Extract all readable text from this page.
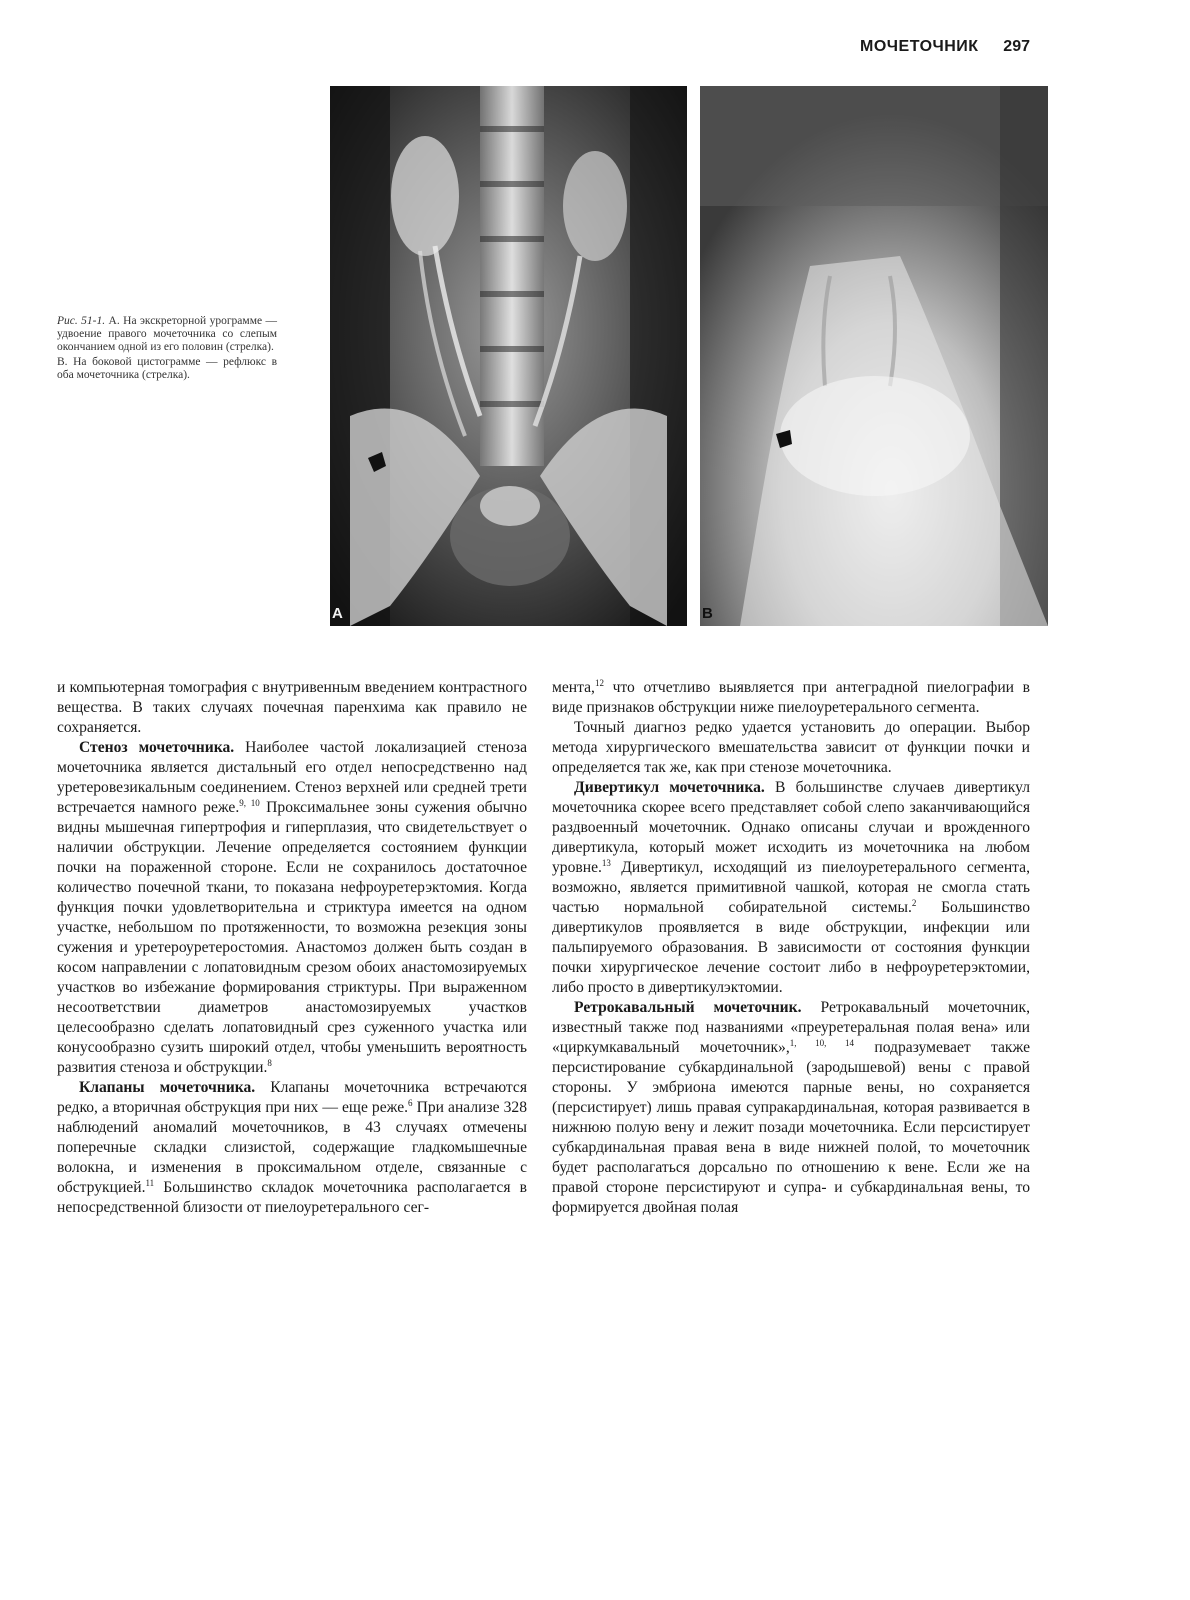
МОЧЕТОЧНИК 297
А	В

Рис. 51-1. А. На экскреторной урограмме — удвоение правого мочеточника со слепым окончанием одной из его половин (стрелка).

В. На боковой цистограмме — рефлюкс в оба мочеточника (стрелка).

и компьютерная томография с внутривенным введением контрастного вещества. В таких случаях почечная паренхима как правило не сохраняется.

Стеноз мочеточника. Наиболее частой локализацией стеноза мочеточника является дистальный его отдел непосредственно над уретеровезикальным соединением. Стеноз верхней или средней трети встречается намного реже.$^{9, 10}$ Проксимальнее зоны сужения обычно видны мышечная гипертрофия и гиперплазия, что свидетельствует о наличии обструкции. Лечение определяется состоянием функции почки на пораженной стороне. Если не сохранилось достаточное количество почечной ткани, то показана нефроуретерэктомия. Когда функция почки удовлетворительна и стриктура имеется на одном участке, небольшом по протяженности, то возможна резекция зоны сужения и уретероуретеростомия. Анастомоз должен быть создан в косом направлении с лопатовидным срезом обоих анастомозируемых участков во избежание формирования стриктуры. При выраженном несоответствии диаметров анастомозируемых участков целесообразно сделать лопатовидный срез суженного участка или конусообразно сузить широкий отдел, чтобы уменьшить вероятность развития стеноза и обструкции.$^8$

Клапаны мочеточника. Клапаны мочеточника встречаются редко, а вторичная обструкция при них — еще реже.$^6$ При анализе 328 наблюдений аномалий мочеточников, в 43 случаях отмечены поперечные складки слизистой, содержащие гладкомышечные волокна, и изменения в проксимальном отделе, связанные с обструкцией.$^{11}$ Большинство складок мочеточника располагается в непосредственной близости от пиелоуретерального сег-

мента,$^{12}$ что отчетливо выявляется при антеградной пиелографии в виде признаков обструкции ниже пиелоуретерального сегмента.

Точный диагноз редко удается установить до операции. Выбор метода хирургического вмешательства зависит от функции почки и определяется так же, как при стенозе мочеточника.

Дивертикул мочеточника. В большинстве случаев дивертикул мочеточника скорее всего представляет собой слепо заканчивающийся раздвоенный мочеточник. Однако описаны случаи и врожденного дивертикула, который может исходить из мочеточника на любом уровне.$^{13}$ Дивертикул, исходящий из пиелоуретерального сегмента, возможно, является примитивной чашкой, которая не смогла стать частью нормальной собирательной системы.$^2$ Большинство дивертикулов проявляется в виде обструкции, инфекции или пальпируемого образования. В зависимости от состояния функции почки хирургическое лечение состоит либо в нефроуретерэктомии, либо просто в дивертикулэктомии.

Ретрокавальный мочеточник. Ретрокавальный мочеточник, известный также под названиями «преуретеральная полая вена» или «циркумкавальный мочеточник»,$^{1, 10, 14}$ подразумевает также персистирование субкардинальной (зародышевой) вены с правой стороны. У эмбриона имеются парные вены, но сохраняется (персистирует) лишь правая супракардинальная, которая развивается в нижнюю полую вену и лежит позади мочеточника. Если персистирует субкардинальная правая вена в виде нижней полой, то мочеточник будет располагаться дорсально по отношению к вене. Если же на правой стороне персистируют и супра- и субкардинальная вены, то формируется двойная полая
